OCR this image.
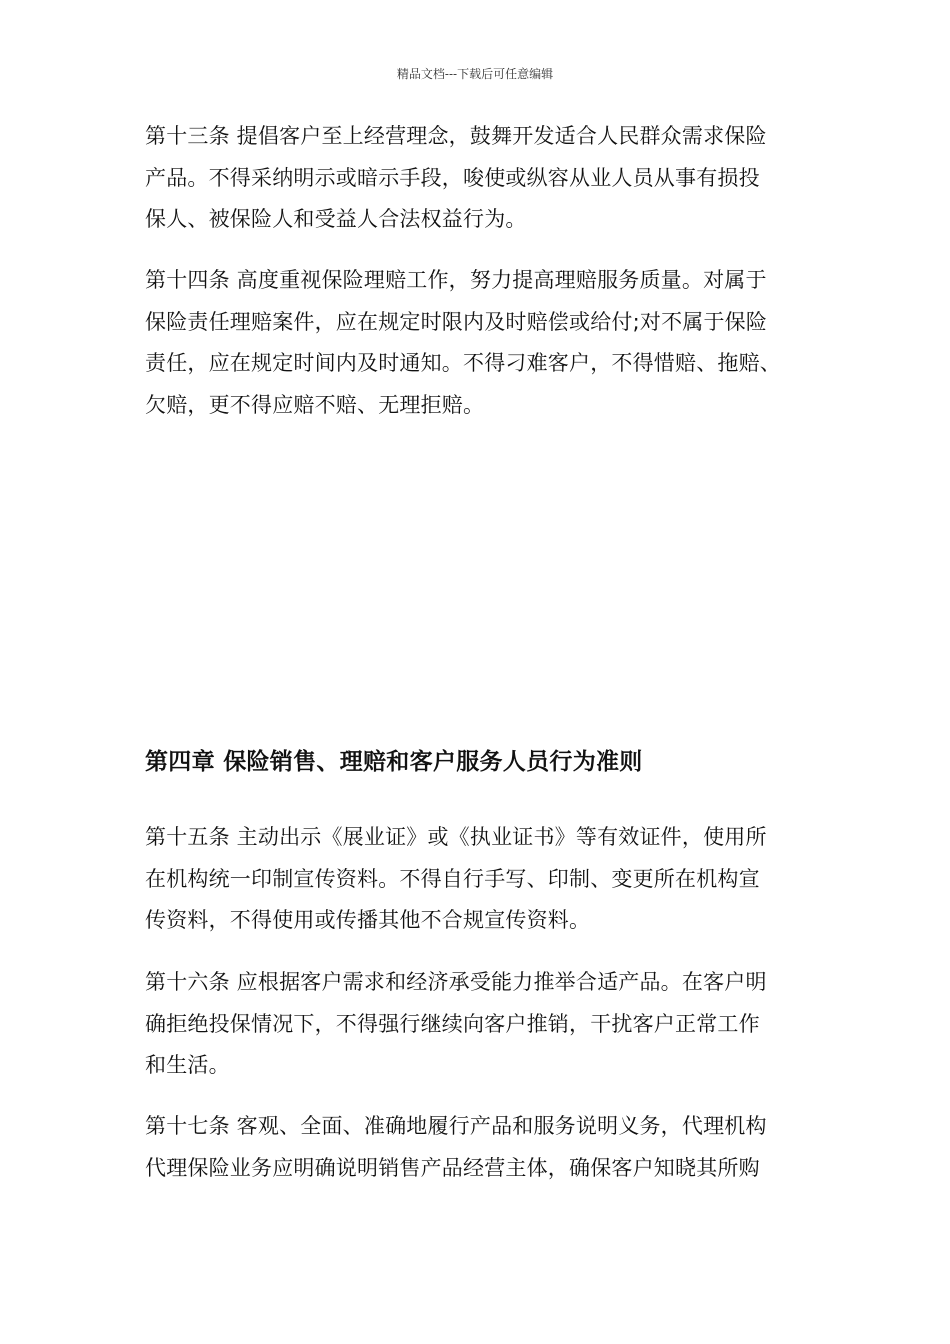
精品文档---下载后可任意编辑

第十三条 提倡客户至上经营理念，鼓舞开发适合人民群众需求保险
产品。不得采纳明示或暗示手段，唆使或纵容从业人员从事有损投
保人、被保险人和受益人合法权益行为。

第十四条 高度重视保险理赔工作，努力提高理赔服务质量。对属于
保险责任理赔案件，应在规定时限内及时赔偿或给付;对不属于保险
责任，应在规定时间内及时通知。不得刁难客户，不得惜赔、拖赔、
欠赔，更不得应赔不赔、无理拒赔。

第四章 保险销售、理赔和客户服务人员行为准则

第十五条 主动出示《展业证》或《执业证书》等有效证件，使用所
在机构统一印制宣传资料。不得自行手写、印制、变更所在机构宣
传资料，不得使用或传播其他不合规宣传资料。

第十六条 应根据客户需求和经济承受能力推举合适产品。在客户明
确拒绝投保情况下，不得强行继续向客户推销，干扰客户正常工作
和生活。

第十七条 客观、全面、准确地履行产品和服务说明义务，代理机构
代理保险业务应明确说明销售产品经营主体，确保客户知晓其所购
